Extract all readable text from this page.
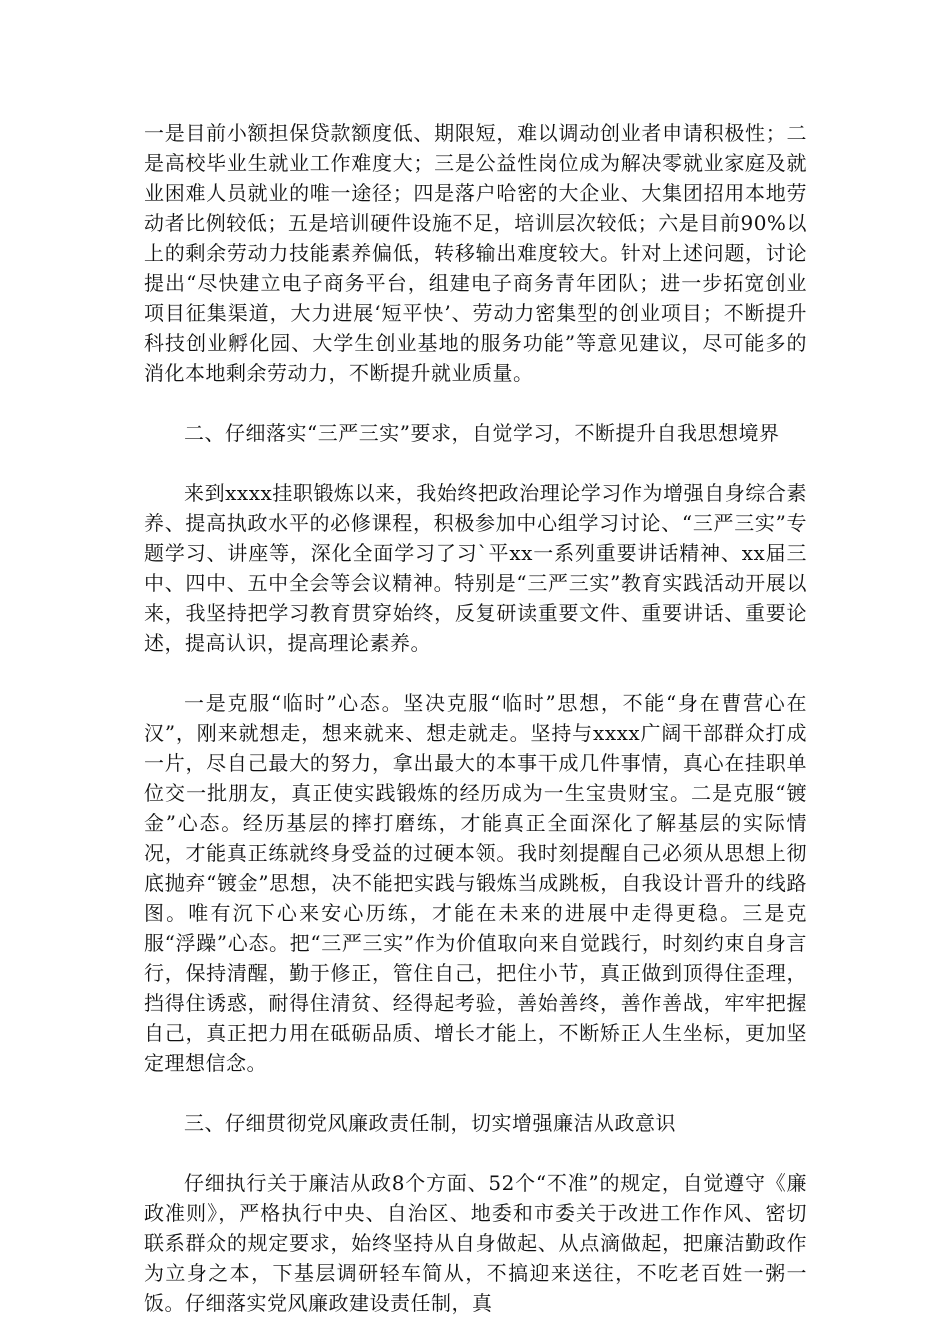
一是目前小额担保贷款额度低、期限短，难以调动创业者申请积极性；二是高校毕业生就业工作难度大；三是公益性岗位成为解决零就业家庭及就业困难人员就业的唯一途径；四是落户哈密的大企业、大集团招用本地劳动者比例较低；五是培训硬件设施不足，培训层次较低；六是目前90%以上的剩余劳动力技能素养偏低，转移输出难度较大。针对上述问题，讨论提出“尽快建立电子商务平台，组建电子商务青年团队；进一步拓宽创业项目征集渠道，大力进展‘短平快’、劳动力密集型的创业项目；不断提升科技创业孵化园、大学生创业基地的服务功能”等意见建议，尽可能多的消化本地剩余劳动力，不断提升就业质量。

二、仔细落实“三严三实”要求，自觉学习，不断提升自我思想境界

来到xxxx挂职锻炼以来，我始终把政治理论学习作为增强自身综合素养、提高执政水平的必修课程，积极参加中心组学习讨论、“三严三实”专题学习、讲座等，深化全面学习了习`平xx一系列重要讲话精神、xx届三中、四中、五中全会等会议精神。特别是“三严三实”教育实践活动开展以来，我坚持把学习教育贯穿始终，反复研读重要文件、重要讲话、重要论述，提高认识，提高理论素养。

一是克服“临时”心态。坚决克服“临时”思想，不能“身在曹营心在汉”，刚来就想走，想来就来、想走就走。坚持与xxxx广阔干部群众打成一片，尽自己最大的努力，拿出最大的本事干成几件事情，真心在挂职单位交一批朋友，真正使实践锻炼的经历成为一生宝贵财宝。二是克服“镀金”心态。经历基层的摔打磨练，才能真正全面深化了解基层的实际情况，才能真正练就终身受益的过硬本领。我时刻提醒自己必须从思想上彻底抛弃“镀金”思想，决不能把实践与锻炼当成跳板，自我设计晋升的线路图。唯有沉下心来安心历练，才能在未来的进展中走得更稳。三是克服“浮躁”心态。把“三严三实”作为价值取向来自觉践行，时刻约束自身言行，保持清醒，勤于修正，管住自己，把住小节，真正做到顶得住歪理，挡得住诱惑，耐得住清贫、经得起考验，善始善终，善作善战，牢牢把握自己，真正把力用在砥砺品质、增长才能上，不断矫正人生坐标，更加坚定理想信念。

三、仔细贯彻党风廉政责任制，切实增强廉洁从政意识

仔细执行关于廉洁从政8个方面、52个“不准”的规定，自觉遵守《廉政准则》，严格执行中央、自治区、地委和市委关于改进工作作风、密切联系群众的规定要求，始终坚持从自身做起、从点滴做起，把廉洁勤政作为立身之本，下基层调研轻车简从，不搞迎来送往，不吃老百姓一粥一饭。仔细落实党风廉政建设责任制，真
